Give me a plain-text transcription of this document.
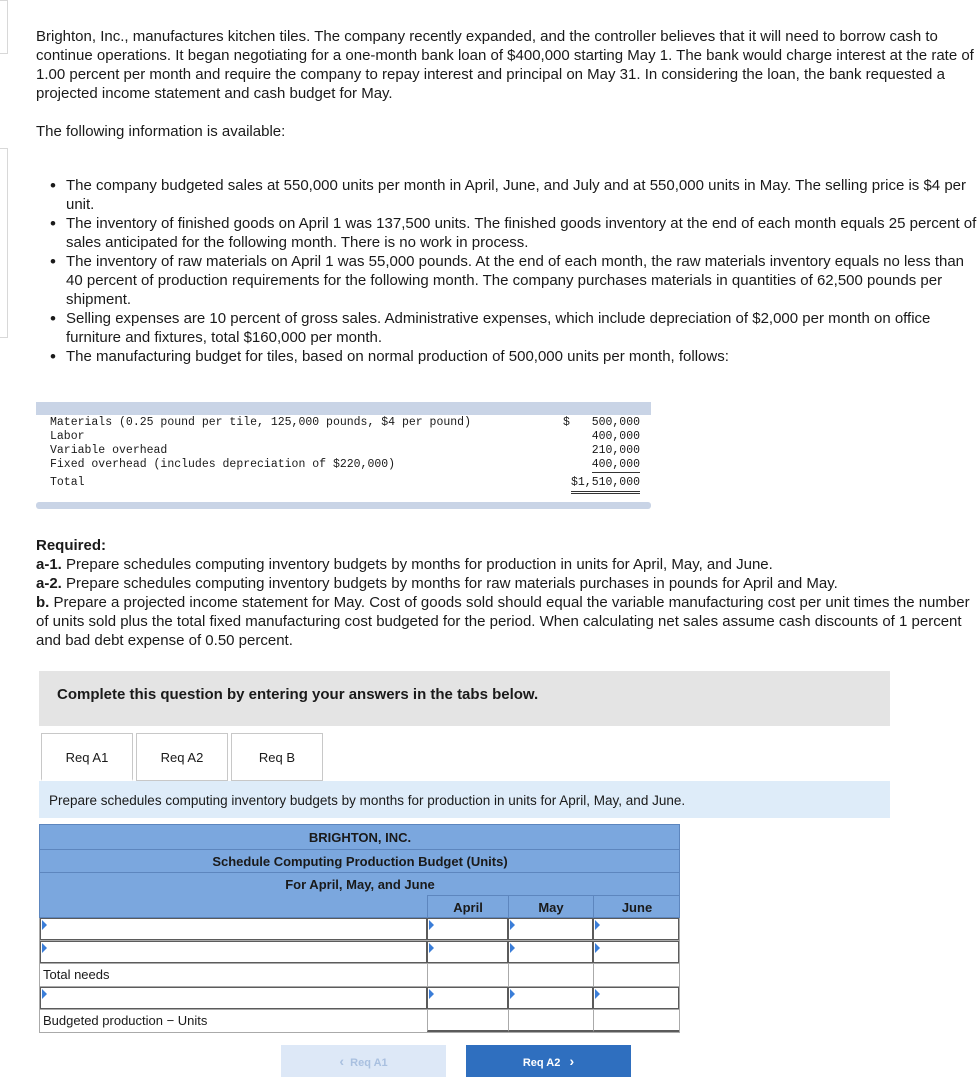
Brighton, Inc., manufactures kitchen tiles. The company recently expanded, and the controller believes that it will need to borrow cash to continue operations. It began negotiating for a one-month bank loan of $400,000 starting May 1. The bank would charge interest at the rate of 1.00 percent per month and require the company to repay interest and principal on May 31. In considering the loan, the bank requested a projected income statement and cash budget for May.

The following information is available:

• The company budgeted sales at 550,000 units per month in April, June, and July and at 550,000 units in May. The selling price is $4 per unit.
• The inventory of finished goods on April 1 was 137,500 units. The finished goods inventory at the end of each month equals 25 percent of sales anticipated for the following month. There is no work in process.
• The inventory of raw materials on April 1 was 55,000 pounds. At the end of each month, the raw materials inventory equals no less than 40 percent of production requirements for the following month. The company purchases materials in quantities of 62,500 pounds per shipment.
• Selling expenses are 10 percent of gross sales. Administrative expenses, which include depreciation of $2,000 per month on office furniture and fixtures, total $160,000 per month.
• The manufacturing budget for tiles, based on normal production of 500,000 units per month, follows:
Materials (0.25 pound per tile, 125,000 pounds, $4 per pound)	$ 500,000
Labor	400,000
Variable overhead	210,000
Fixed overhead (includes depreciation of $220,000)	400,000
Total	$1,510,000
Required:
a-1. Prepare schedules computing inventory budgets by months for production in units for April, May, and June.
a-2. Prepare schedules computing inventory budgets by months for raw materials purchases in pounds for April and May.
b. Prepare a projected income statement for May. Cost of goods sold should equal the variable manufacturing cost per unit times the number of units sold plus the total fixed manufacturing cost budgeted for the period. When calculating net sales assume cash discounts of 1 percent and bad debt expense of 0.50 percent.
Complete this question by entering your answers in the tabs below.
Req A1	Req A2	Req B
Prepare schedules computing inventory budgets by months for production in units for April, May, and June.
BRIGHTON, INC.
Schedule Computing Production Budget (Units)
For April, May, and June
April	May	June
Total needs
Budgeted production − Units
‹ Req A1	Req A2 ›
